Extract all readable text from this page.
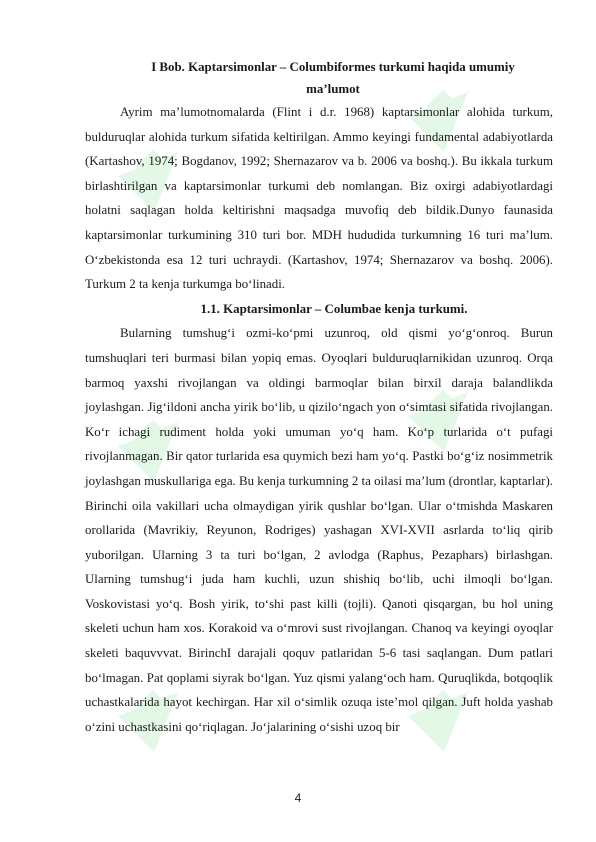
I Bob. Kaptarsimonlar – Columbiformes turkumi haqida umumiy
ma’lumot

Ayrim ma’lumotnomalarda (Flint i d.r. 1968) kaptarsimonlar alohida turkum, bulduruqlar alohida turkum sifatida keltirilgan. Ammo keyingi fundamental adabiyotlarda (Kartashov, 1974; Bogdanov, 1992; Shernazarov va b. 2006 va boshq.). Bu ikkala turkum birlashtirilgan va kaptarsimonlar turkumi deb nomlangan. Biz oxirgi adabiyotlardagi holatni saqlagan holda keltirishni maqsadga muvofiq deb bildik.Dunyo faunasida kaptarsimonlar turkumining 310 turi bor. MDH hududida turkumning 16 turi ma’lum. O‘zbekistonda esa 12 turi uchraydi. (Kartashov, 1974; Shernazarov va boshq. 2006). Turkum 2 ta kenja turkumga bo‘linadi.

1.1. Kaptarsimonlar – Columbae kenja turkumi.

Bularning tumshug‘i ozmi-ko‘pmi uzunroq, old qismi yo‘g‘onroq. Burun tumshuqlari teri burmasi bilan yopiq emas. Oyoqlari bulduruqlarnikidan uzunroq. Orqa barmoq yaxshi rivojlangan va oldingi barmoqlar bilan birxil daraja balandlikda joylashgan. Jig‘ildoni ancha yirik bo‘lib, u qizilo‘ngach yon o‘simtasi sifatida rivojlangan. Ko‘r ichagi rudiment holda yoki umuman yo‘q ham. Ko‘p turlarida o‘t pufagi rivojlanmagan. Bir qator turlarida esa quymich bezi ham yo‘q. Pastki bo‘g‘iz nosimmetrik joylashgan muskullariga ega. Bu kenja turkumning 2 ta oilasi ma’lum (drontlar, kaptarlar). Birinchi oila vakillari ucha olmaydigan yirik qushlar bo‘lgan. Ular o‘tmishda Maskaren orollarida (Mavrikiy, Reyunon, Rodriges) yashagan XVI-XVII asrlarda to‘liq qirib yuborilgan. Ularning 3 ta turi bo‘lgan, 2 avlodga (Raphus, Pezaphars) birlashgan. Ularning tumshug‘i juda ham kuchli, uzun shishiq bo‘lib, uchi ilmoqli bo‘lgan. Voskovistasi yo‘q. Bosh yirik, to‘shi past killi (tojli). Qanoti qisqargan, bu hol uning skeleti uchun ham xos. Korakoid va o‘mrovi sust rivojlangan. Chanoq va keyingi oyoqlar skeleti baquvvvat. BirinchI darajali qoquv patlaridan 5-6 tasi saqlangan. Dum patlari bo‘lmagan. Pat qoplami siyrak bo‘lgan. Yuz qismi yalang‘och ham. Quruqlikda, botqoqlik uchastkalarida hayot kechirgan. Har xil o‘simlik ozuqa iste’mol qilgan. Juft holda yashab o‘zini uchastkasini qo‘riqlagan. Jo‘jalarining o‘sishi uzoq bir

4
